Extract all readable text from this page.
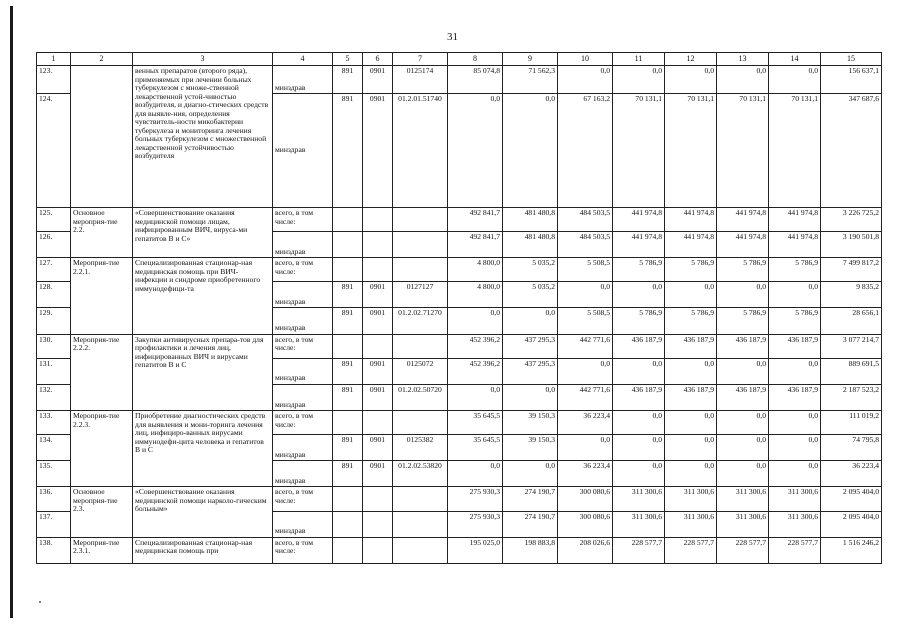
31
1	2	3	4	5	6	7	8	9	10	11	12	13	14	15
123.		венных препаратов (второго ряда), применяемых при лечении больных туберкулезом с множе-ственной лекарственной устой-чивостью возбудителя, и диагно-стических средств для выявле-ния, определения чувствитель-ности микобактерии туберкулеза и мониторинга лечения больных туберкулезом с множественной лекарственной устойчивостью возбудителя	минздрав	891	0901	0125174	85 074,8	71 562,3	0,0	0,0	0,0	0,0	0,0	156 637,1
124.			минздрав	891	0901	01.2.01.51740	0,0	0,0	67 163,2	70 131,1	70 131,1	70 131,1	70 131,1	347 687,6
125.	Основное мероприя-тие 2.2.	«Совершенствование оказания медицинской помощи лицам, инфицированным ВИЧ, вирусa-ми гепатитов В и С»	всего, в том числе:				492 841,7	481 480,8	484 503,5	441 974,8	441 974,8	441 974,8	441 974,8	3 226 725,2
126.			минздрав				492 841,7	481 480,8	484 503,5	441 974,8	441 974,8	441 974,8	441 974,8	3 190 501,8
127.	Мероприя-тие 2.2.1.	Специализированная стационар-ная медицинская помощь при ВИЧ-инфекции и синдроме приобретенного иммунодефици-та	всего, в том числе:				4 800,0	5 035,2	5 508,5	5 786,9	5 786,9	5 786,9	5 786,9	7 499 817,2
128.			минздрав	891	0901	0127127	4 800,0	5 035,2	0,0	0,0	0,0	0,0	0,0	9 835,2
129.			минздрав	891	0901	01.2.02.71270	0,0	0,0	5 508,5	5 786,9	5 786,9	5 786,9	5 786,9	28 656,1
130.	Мероприя-тие 2.2.2.	Закупки антивирусных препара-тов для профилактики и лечения лиц, инфицированных ВИЧ и вирусами гепатитов В и С	всего, в том числе:				452 396,2	437 295,3	442 771,6	436 187,9	436 187,9	436 187,9	436 187,9	3 077 214,7
131.			минздрав	891	0901	0125072	452 396,2	437 295,3	0,0	0,0	0,0	0,0	0,0	889 691,5
132.			минздрав	891	0901	01.2.02.50720	0,0	0,0	442 771,6	436 187,9	436 187,9	436 187,9	436 187,9	2 187 523,2
133.	Мероприя-тие 2.2.3.	Приобретение диагностических средств для выявления и мони-торинга лечения лиц, инфициро-ванных вирусами иммунодефи-цита человека и гепатитов В и С	всего, в том числе:				35 645,5	39 150,3	36 223,4	0,0	0,0	0,0	0,0	111 019,2
134.			минздрав	891	0901	0125382	35 645,5	39 150,3	0,0	0,0	0,0	0,0	0,0	74 795,8
135.			минздрав	891	0901	01.2.02.53820	0,0	0,0	36 223,4	0,0	0,0	0,0	0,0	36 223,4
136.	Основное мероприя-тие 2.3.	«Совершенствование оказания медицинской помощи нарколо-гическим больным»	всего, в том числе:				275 930,3	274 190,7	300 080,6	311 300,6	311 300,6	311 300,6	311 300,6	2 095 404,0
137.			минздрав				275 930,3	274 190,7	300 080,6	311 300,6	311 300,6	311 300,6	311 300,6	2 095 404,0
138.	Мероприя-тие 2.3.1.	Специализированная стационар-ная медицинская помощь при	всего, в том числе:				195 025,0	198 883,8	208 026,6	228 577,7	228 577,7	228 577,7	228 577,7	1 516 246,2
